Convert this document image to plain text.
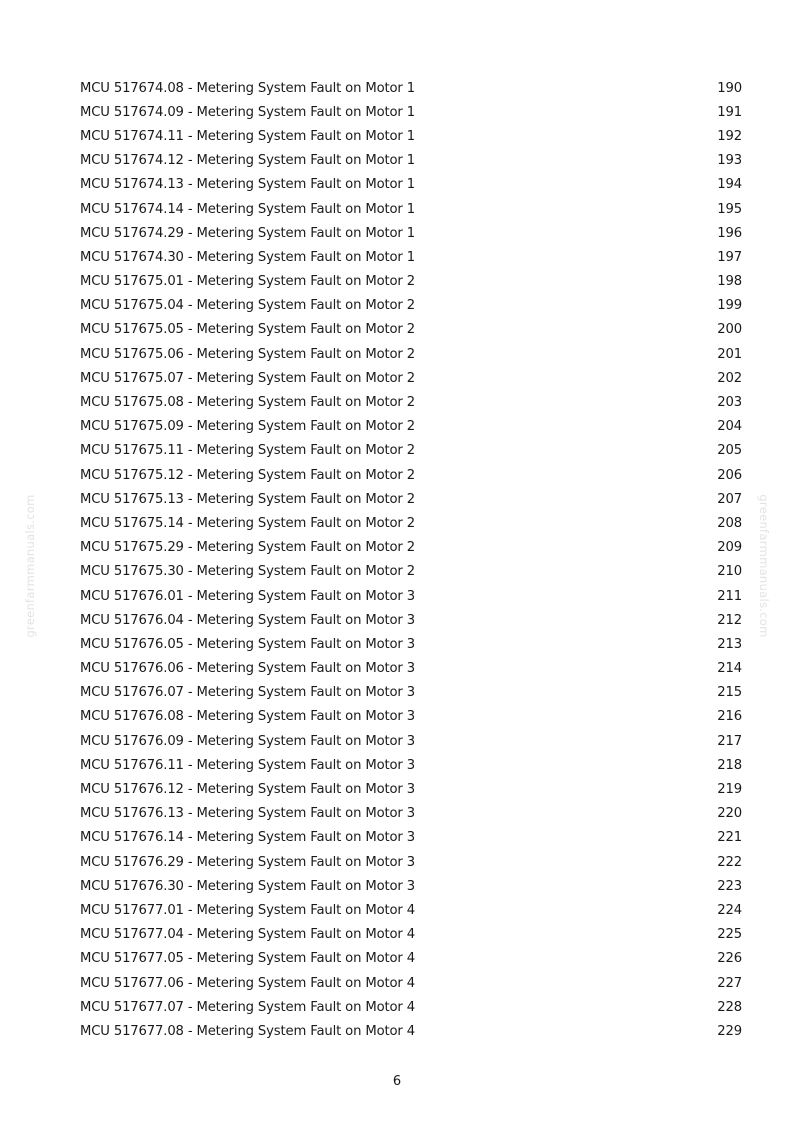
greenfarmmanuals.com	greenfarmmanuals.com
MCU 517674.08 - Metering System Fault on Motor 1	190
MCU 517674.09 - Metering System Fault on Motor 1	191
MCU 517674.11 - Metering System Fault on Motor 1	192
MCU 517674.12 - Metering System Fault on Motor 1	193
MCU 517674.13 - Metering System Fault on Motor 1	194
MCU 517674.14 - Metering System Fault on Motor 1	195
MCU 517674.29 - Metering System Fault on Motor 1	196
MCU 517674.30 - Metering System Fault on Motor 1	197
MCU 517675.01 - Metering System Fault on Motor 2	198
MCU 517675.04 - Metering System Fault on Motor 2	199
MCU 517675.05 - Metering System Fault on Motor 2	200
MCU 517675.06 - Metering System Fault on Motor 2	201
MCU 517675.07 - Metering System Fault on Motor 2	202
MCU 517675.08 - Metering System Fault on Motor 2	203
MCU 517675.09 - Metering System Fault on Motor 2	204
MCU 517675.11 - Metering System Fault on Motor 2	205
MCU 517675.12 - Metering System Fault on Motor 2	206
MCU 517675.13 - Metering System Fault on Motor 2	207
MCU 517675.14 - Metering System Fault on Motor 2	208
MCU 517675.29 - Metering System Fault on Motor 2	209
MCU 517675.30 - Metering System Fault on Motor 2	210
MCU 517676.01 - Metering System Fault on Motor 3	211
MCU 517676.04 - Metering System Fault on Motor 3	212
MCU 517676.05 - Metering System Fault on Motor 3	213
MCU 517676.06 - Metering System Fault on Motor 3	214
MCU 517676.07 - Metering System Fault on Motor 3	215
MCU 517676.08 - Metering System Fault on Motor 3	216
MCU 517676.09 - Metering System Fault on Motor 3	217
MCU 517676.11 - Metering System Fault on Motor 3	218
MCU 517676.12 - Metering System Fault on Motor 3	219
MCU 517676.13 - Metering System Fault on Motor 3	220
MCU 517676.14 - Metering System Fault on Motor 3	221
MCU 517676.29 - Metering System Fault on Motor 3	222
MCU 517676.30 - Metering System Fault on Motor 3	223
MCU 517677.01 - Metering System Fault on Motor 4	224
MCU 517677.04 - Metering System Fault on Motor 4	225
MCU 517677.05 - Metering System Fault on Motor 4	226
MCU 517677.06 - Metering System Fault on Motor 4	227
MCU 517677.07 - Metering System Fault on Motor 4	228
MCU 517677.08 - Metering System Fault on Motor 4	229
6
